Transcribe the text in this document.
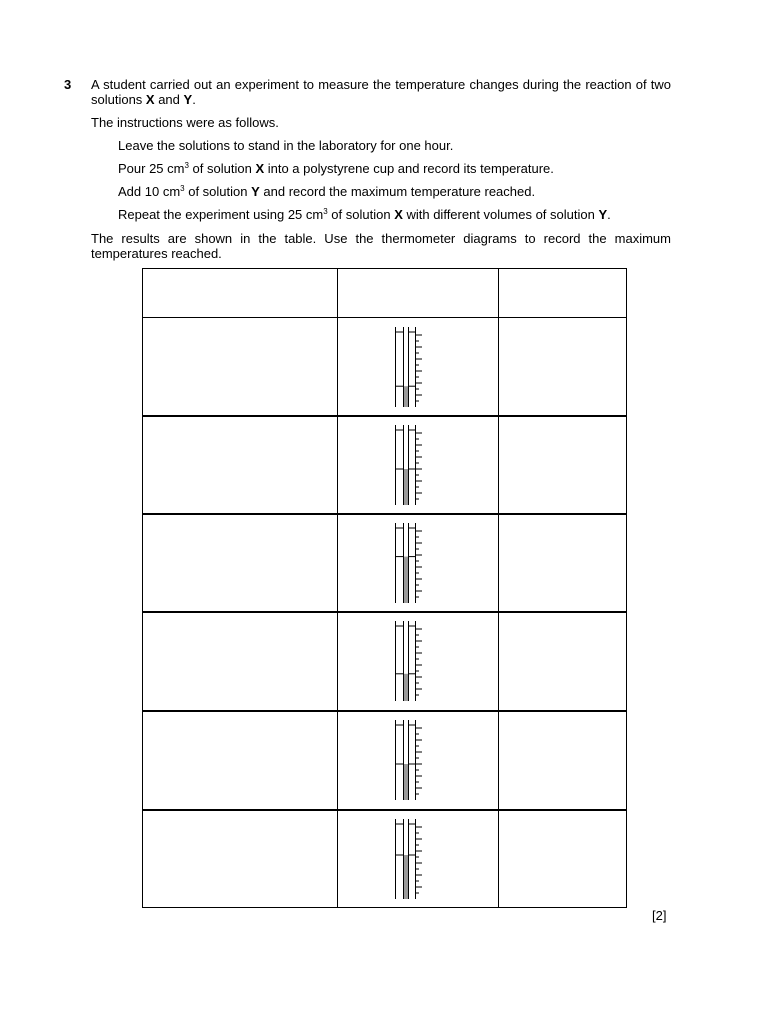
3 A student carried out an experiment to measure the temperature changes during the reaction of two solutions X and Y.

The instructions were as follows.

Leave the solutions to stand in the laboratory for one hour.

Pour 25 $cm^3$ of solution X into a polystyrene cup and record its temperature.

Add 10 $cm^3$ of solution Y and record the maximum temperature reached.

Repeat the experiment using 25 $cm^3$ of solution X with different volumes of solution Y.

The results are shown in the table. Use the thermometer diagrams to record the maximum temperatures reached.

[2]
